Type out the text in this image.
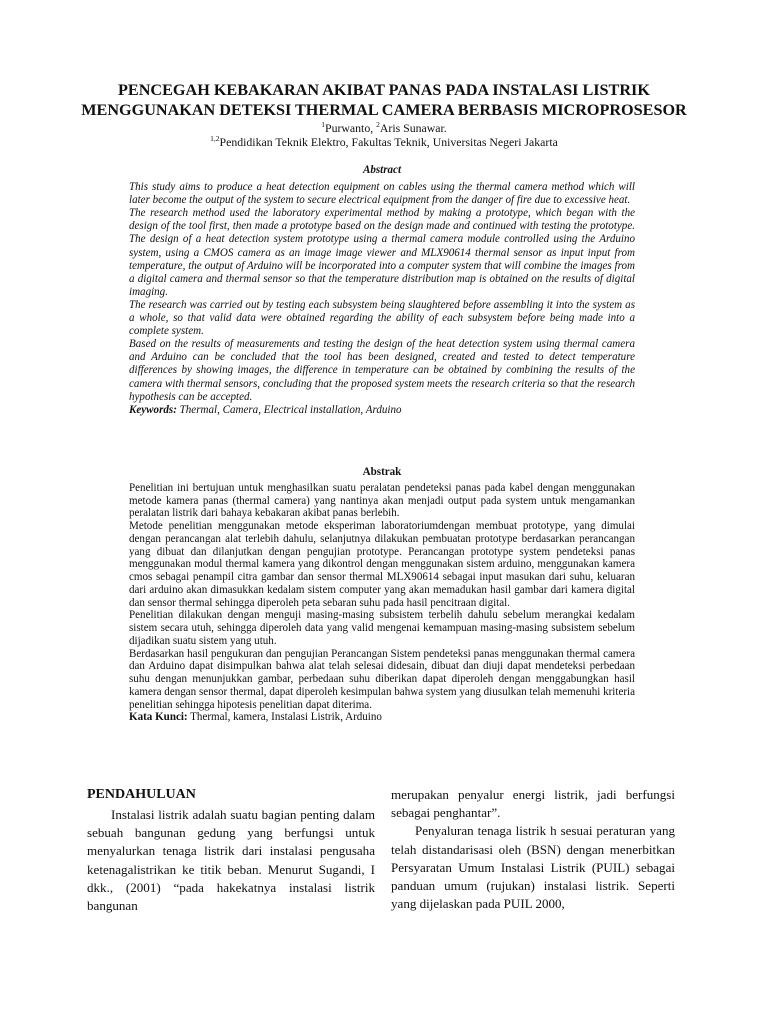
PENCEGAH KEBAKARAN AKIBAT PANAS PADA INSTALASI LISTRIK
MENGGUNAKAN DETEKSI THERMAL CAMERA BERBASIS MICROPROSESOR
$^1$Purwanto, $^2$Aris Sunawar.
$^{1,2}$Pendidikan Teknik Elektro, Fakultas Teknik, Universitas Negeri Jakarta
Abstract

This study aims to produce a heat detection equipment on cables using the thermal camera method which will later become the output of the system to secure electrical equipment from the danger of fire due to excessive heat.

The research method used the laboratory experimental method by making a prototype, which began with the design of the tool first, then made a prototype based on the design made and continued with testing the prototype. The design of a heat detection system prototype using a thermal camera module controlled using the Arduino system, using a CMOS camera as an image image viewer and MLX90614 thermal sensor as input input from temperature, the output of Arduino will be incorporated into a computer system that will combine the images from a digital camera and thermal sensor so that the temperature distribution map is obtained on the results of digital imaging.

The research was carried out by testing each subsystem being slaughtered before assembling it into the system as a whole, so that valid data were obtained regarding the ability of each subsystem before being made into a complete system.

Based on the results of measurements and testing the design of the heat detection system using thermal camera and Arduino can be concluded that the tool has been designed, created and tested to detect temperature differences by showing images, the difference in temperature can be obtained by combining the results of the camera with thermal sensors, concluding that the proposed system meets the research criteria so that the research hypothesis can be accepted.

Keywords: Thermal, Camera, Electrical installation, Arduino

Abstrak

Penelitian ini bertujuan untuk menghasilkan suatu peralatan pendeteksi panas pada kabel dengan menggunakan metode kamera panas (thermal camera) yang nantinya akan menjadi output pada system untuk mengamankan peralatan listrik dari bahaya kebakaran akibat panas berlebih.

Metode penelitian menggunakan metode eksperiman laboratoriumdengan membuat prototype, yang dimulai dengan perancangan alat terlebih dahulu, selanjutnya dilakukan pembuatan prototype berdasarkan perancangan yang dibuat dan dilanjutkan dengan pengujian prototype. Perancangan prototype system pendeteksi panas menggunakan modul thermal kamera yang dikontrol dengan menggunakan sistem arduino, menggunakan kamera cmos sebagai penampil citra gambar dan sensor thermal MLX90614 sebagai input masukan dari suhu, keluaran dari arduino akan dimasukkan kedalam sistem computer yang akan memadukan hasil gambar dari kamera digital dan sensor thermal sehingga diperoleh peta sebaran suhu pada hasil pencitraan digital.

Penelitian dilakukan dengan menguji masing-masing subsistem terbelih dahulu sebelum merangkai kedalam sistem secara utuh, sehingga diperoleh data yang valid mengenai kemampuan masing-masing subsistem sebelum dijadikan suatu sistem yang utuh.

Berdasarkan hasil pengukuran dan pengujian Perancangan Sistem pendeteksi panas menggunakan thermal camera dan Arduino dapat disimpulkan bahwa alat telah selesai didesain, dibuat dan diuji dapat mendeteksi perbedaan suhu dengan menunjukkan gambar, perbedaan suhu diberikan dapat diperoleh dengan menggabungkan hasil kamera dengan sensor thermal, dapat diperoleh kesimpulan bahwa system yang diusulkan telah memenuhi kriteria penelitian sehingga hipotesis penelitian dapat diterima.

Kata Kunci: Thermal, kamera, Instalasi Listrik, Arduino

PENDAHULUAN

Instalasi listrik adalah suatu bagian penting dalam sebuah bangunan gedung yang berfungsi untuk menyalurkan tenaga listrik dari instalasi pengusaha ketenagalistrikan ke titik beban. Menurut Sugandi, I dkk., (2001) “pada hakekatnya instalasi listrik bangunan

merupakan penyalur energi listrik, jadi berfungsi sebagai penghantar”.

Penyaluran tenaga listrik h sesuai peraturan yang telah distandarisasi oleh (BSN) dengan menerbitkan Persyaratan Umum Instalasi Listrik (PUIL) sebagai panduan umum (rujukan) instalasi listrik. Seperti yang dijelaskan pada PUIL 2000,
